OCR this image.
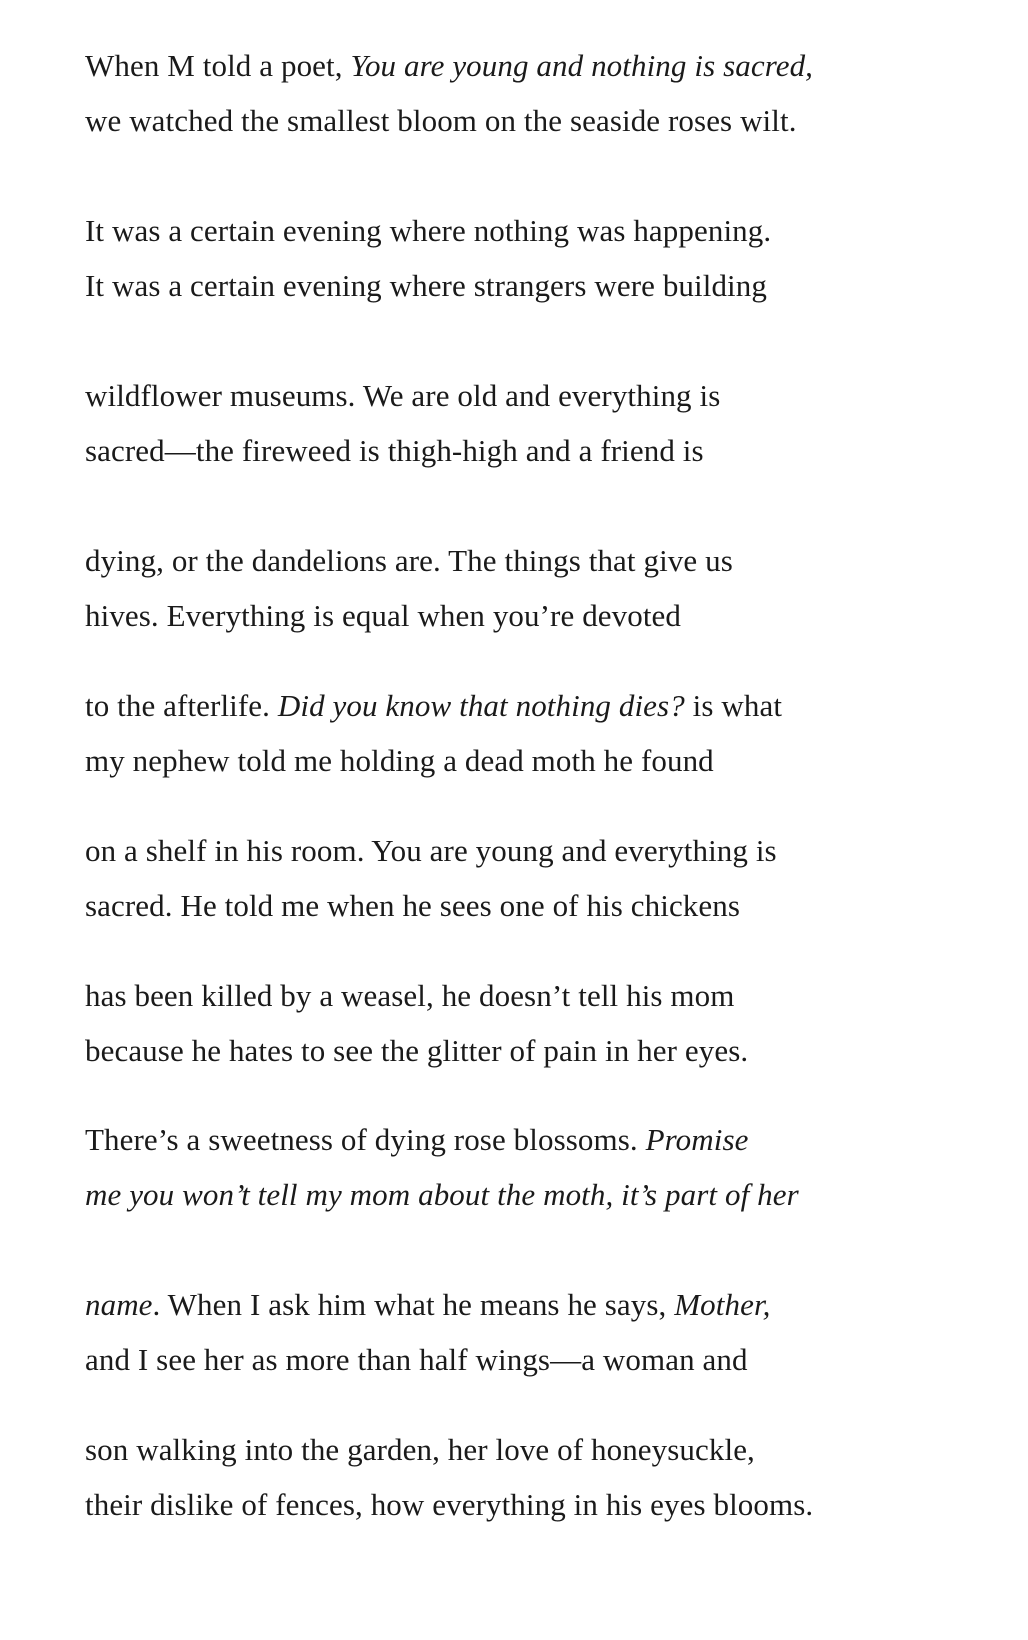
When M told a poet, You are young and nothing is sacred,
we watched the smallest bloom on the seaside roses wilt.
It was a certain evening where nothing was happening.
It was a certain evening where strangers were building
wildflower museums. We are old and everything is
sacred—the fireweed is thigh-high and a friend is
dying, or the dandelions are. The things that give us
hives. Everything is equal when you’re devoted
to the afterlife. Did you know that nothing dies? is what
my nephew told me holding a dead moth he found
on a shelf in his room. You are young and everything is
sacred. He told me when he sees one of his chickens
has been killed by a weasel, he doesn’t tell his mom
because he hates to see the glitter of pain in her eyes.
There’s a sweetness of dying rose blossoms. Promise
me you won’t tell my mom about the moth, it’s part of her
name. When I ask him what he means he says, Mother,
and I see her as more than half wings—a woman and
son walking into the garden, her love of honeysuckle,
their dislike of fences, how everything in his eyes blooms.
